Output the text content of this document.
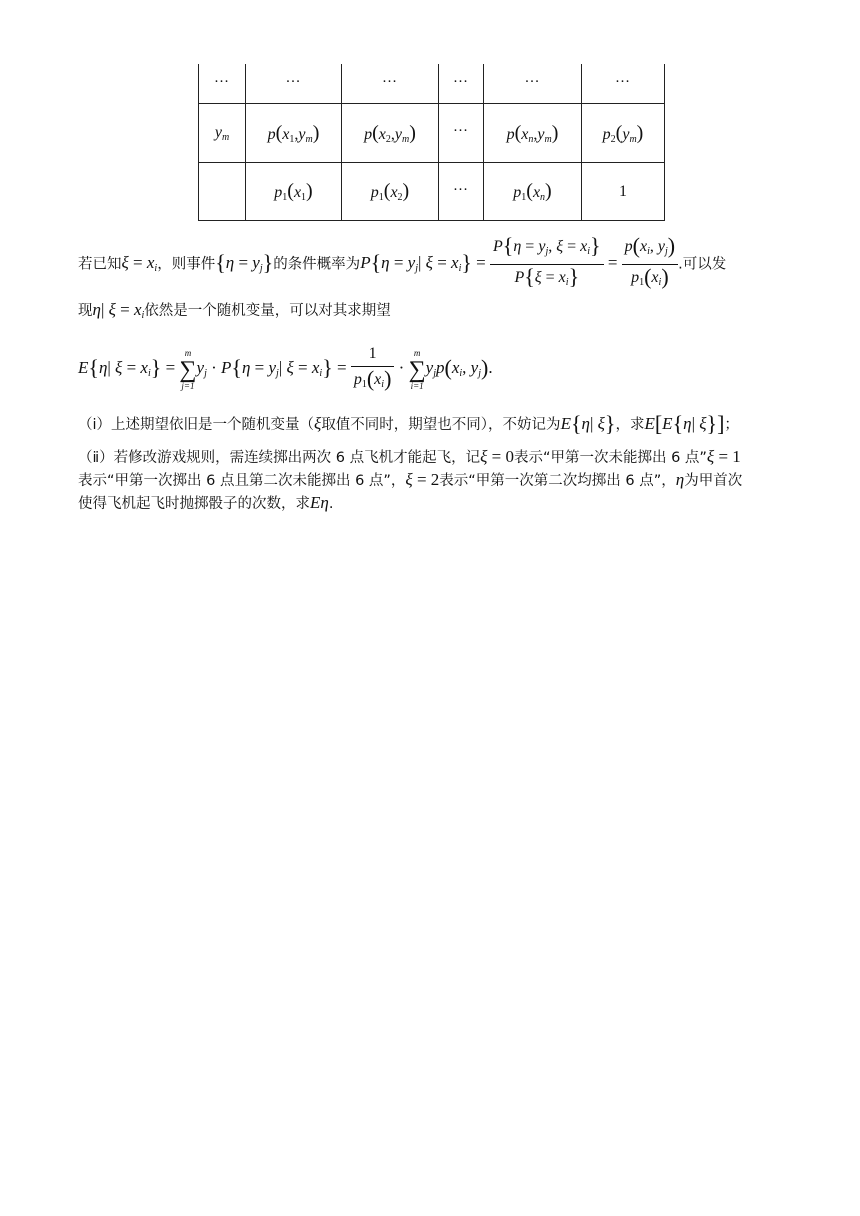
…	…	…	…	…	…
$y_m$	$p(x_1,y_m)$	$p(x_2,y_m)$	…	$p(x_n,y_m)$	$p_2(y_m)$
	$p_1(x_1)$	$p_1(x_2)$	…	$p_1(x_n)$	1
若已知$\xi = x_i$，则事件$\{\eta = y_j\}$的条件概率为$P\{\eta = y_j|$ $\xi = x_i\} = \frac{P\{\eta = y_j, \xi = x_i\}}{P\{\xi = x_i\}} = \frac{p(x_i, y_j)}{p_1(x_i)}$ .可以发
现η| $\xi = x_i$依然是一个随机变量，可以对其求期望
E{η| $\xi = x_i$} =
m
∑
j=1
$y_j \cdot P\{\eta = y_j|$ $\xi = x_i\} = \frac{1}{p_1(x_i)}$ ·
m
∑
i=1
$y_jp(x_i$, $y_j$).
（ⅰ）上述期望依旧是一个随机变量（ξ取值不同时，期望也不同），不妨记为E{η| ξ}，求E[E{η| ξ}]；
（ⅱ）若修改游戏规则，需连续掷出两次 6 点飞机才能起飞，记ξ = 0表示“甲第一次未能掷出 6 点”ξ = 1
表示“甲第一次掷出 6 点且第二次未能掷出 6 点”，ξ = 2表示“甲第一次第二次均掷出 6 点”，η为甲首次
使得飞机起飞时抛掷骰子的次数，求Eη.
